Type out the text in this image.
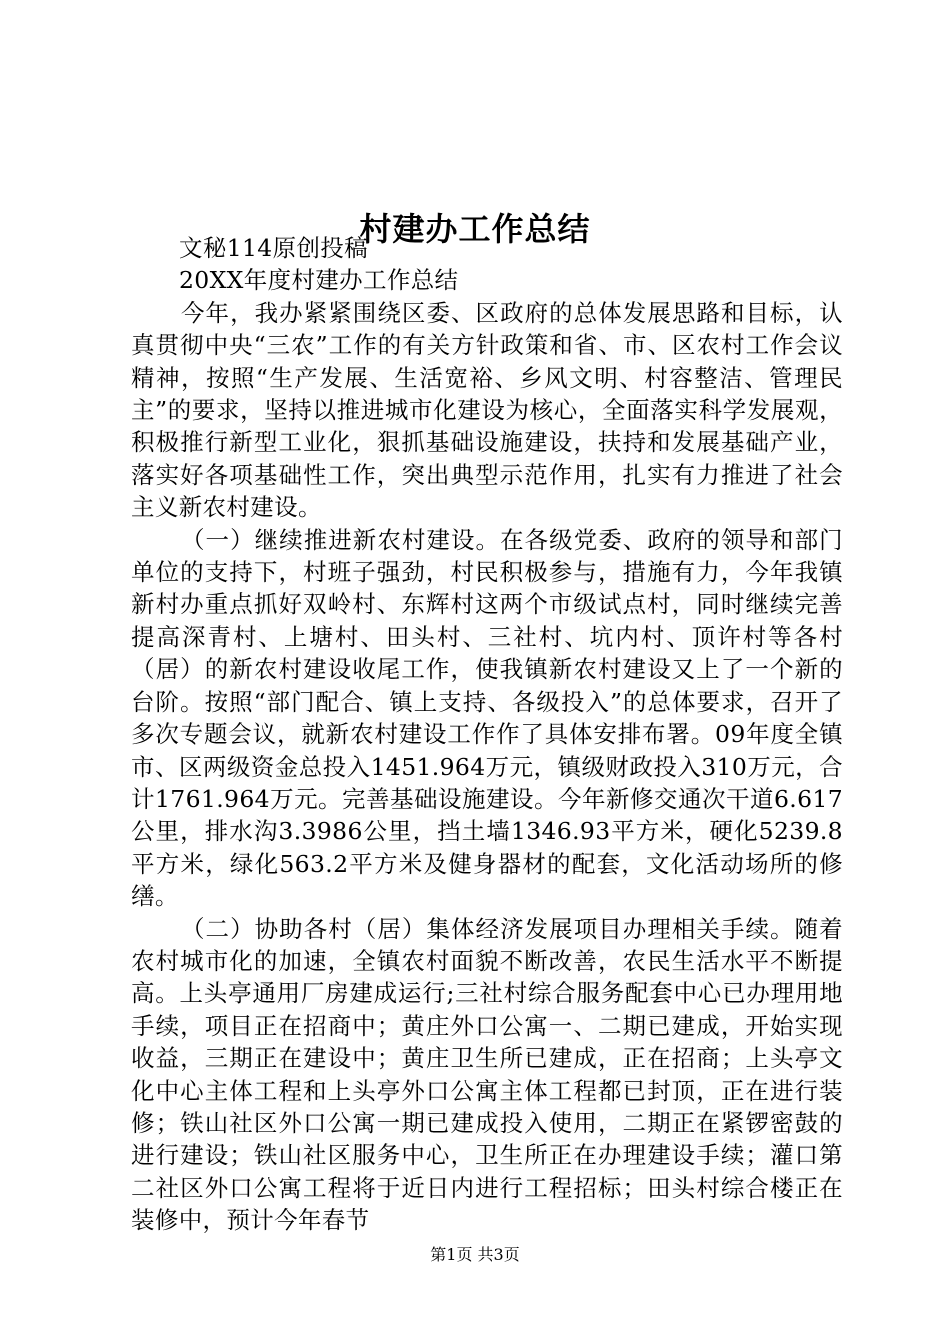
村建办工作总结

文秘114原创投稿

20XX年度村建办工作总结

今年，我办紧紧围绕区委、区政府的总体发展思路和目标，认真贯彻中央“三农”工作的有关方针政策和省、市、区农村工作会议精神，按照“生产发展、生活宽裕、乡风文明、村容整洁、管理民主”的要求，坚持以推进城市化建设为核心，全面落实科学发展观，积极推行新型工业化，狠抓基础设施建设，扶持和发展基础产业，落实好各项基础性工作，突出典型示范作用，扎实有力推进了社会主义新农村建设。

（一）继续推进新农村建设。在各级党委、政府的领导和部门单位的支持下，村班子强劲，村民积极参与，措施有力，今年我镇新村办重点抓好双岭村、东辉村这两个市级试点村，同时继续完善提高深青村、上塘村、田头村、三社村、坑内村、顶许村等各村（居）的新农村建设收尾工作，使我镇新农村建设又上了一个新的台阶。按照“部门配合、镇上支持、各级投入”的总体要求，召开了多次专题会议，就新农村建设工作作了具体安排布署。09年度全镇市、区两级资金总投入1451.964万元，镇级财政投入310万元，合计1761.964万元。完善基础设施建设。今年新修交通次干道6.617公里，排水沟3.3986公里，挡土墙1346.93平方米，硬化5239.8平方米，绿化563.2平方米及健身器材的配套，文化活动场所的修缮。

（二）协助各村（居）集体经济发展项目办理相关手续。随着农村城市化的加速，全镇农村面貌不断改善，农民生活水平不断提高。上头亭通用厂房建成运行;三社村综合服务配套中心已办理用地手续，项目正在招商中；黄庄外口公寓一、二期已建成，开始实现收益，三期正在建设中；黄庄卫生所已建成，正在招商；上头亭文化中心主体工程和上头亭外口公寓主体工程都已封顶，正在进行装修；铁山社区外口公寓一期已建成投入使用，二期正在紧锣密鼓的进行建设；铁山社区服务中心，卫生所正在办理建设手续；灌口第二社区外口公寓工程将于近日内进行工程招标；田头村综合楼正在装修中，预计今年春节

第1页 共3页
